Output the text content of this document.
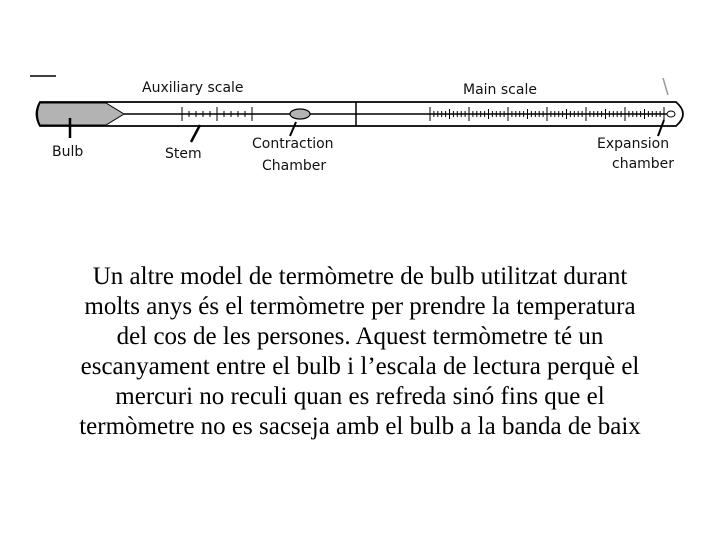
Auxiliary scale	Main scale
Bulb	Stem
Contraction
Chamber
Expansion
chamber

Un altre model de termòmetre de bulb utilitzat durant
molts anys és el termòmetre per prendre la temperatura
del cos de les persones. Aquest termòmetre té un
escanyament entre el bulb i l’escala de lectura perquè el
mercuri no reculi quan es refreda sinó fins que el
termòmetre no es sacseja amb el bulb a la banda de baix
